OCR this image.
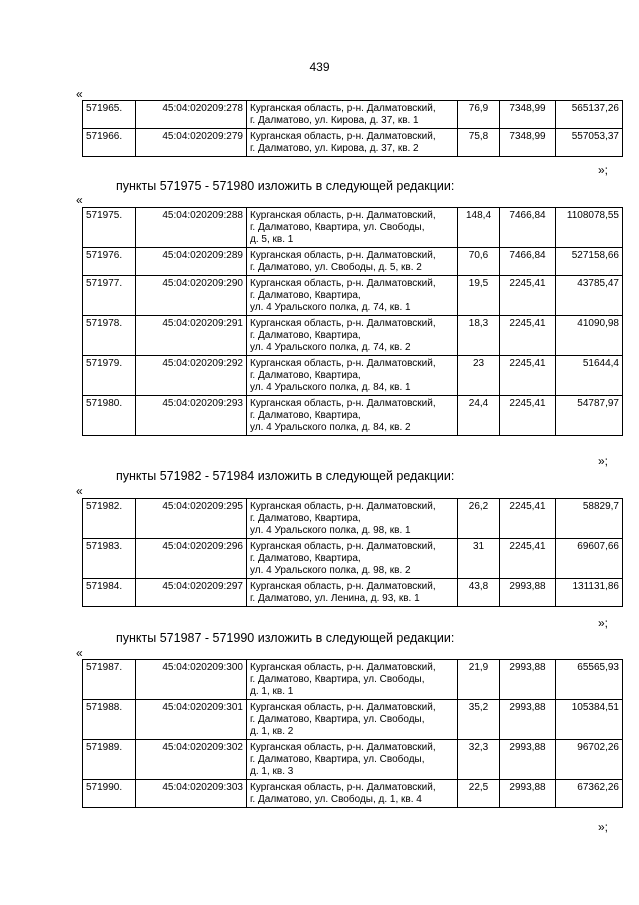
439
«
571965.	45:04:020209:278	Курганская область, р-н. Далматовский,
г. Далматово, ул. Кирова, д. 37, кв. 1	76,9	7348,99	565137,26
571966.	45:04:020209:279	Курганская область, р-н. Далматовский,
г. Далматово, ул. Кирова, д. 37, кв. 2	75,8	7348,99	557053,37
»;
пункты 571975 - 571980 изложить в следующей редакции:
«
571975.	45:04:020209:288	Курганская область, р-н. Далматовский,
г. Далматово, Квартира, ул. Свободы,
д. 5, кв. 1	148,4	7466,84	1108078,55
571976.	45:04:020209:289	Курганская область, р-н. Далматовский,
г. Далматово, ул. Свободы, д. 5, кв. 2	70,6	7466,84	527158,66
571977.	45:04:020209:290	Курганская область, р-н. Далматовский,
г. Далматово, Квартира,
ул. 4 Уральского полка, д. 74, кв. 1	19,5	2245,41	43785,47
571978.	45:04:020209:291	Курганская область, р-н. Далматовский,
г. Далматово, Квартира,
ул. 4 Уральского полка, д. 74, кв. 2	18,3	2245,41	41090,98
571979.	45:04:020209:292	Курганская область, р-н. Далматовский,
г. Далматово, Квартира,
ул. 4 Уральского полка, д. 84, кв. 1	23	2245,41	51644,4
571980.	45:04:020209:293	Курганская область, р-н. Далматовский,
г. Далматово, Квартира,
ул. 4 Уральского полка, д. 84, кв. 2	24,4	2245,41	54787,97
»;
пункты 571982 - 571984 изложить в следующей редакции:
«
571982.	45:04:020209:295	Курганская область, р-н. Далматовский,
г. Далматово, Квартира,
ул. 4 Уральского полка, д. 98, кв. 1	26,2	2245,41	58829,7
571983.	45:04:020209:296	Курганская область, р-н. Далматовский,
г. Далматово, Квартира,
ул. 4 Уральского полка, д. 98, кв. 2	31	2245,41	69607,66
571984.	45:04:020209:297	Курганская область, р-н. Далматовский,
г. Далматово, ул. Ленина, д. 93, кв. 1	43,8	2993,88	131131,86
»;
пункты 571987 - 571990 изложить в следующей редакции:
«
571987.	45:04:020209:300	Курганская область, р-н. Далматовский,
г. Далматово, Квартира, ул. Свободы,
д. 1, кв. 1	21,9	2993,88	65565,93
571988.	45:04:020209:301	Курганская область, р-н. Далматовский,
г. Далматово, Квартира, ул. Свободы,
д. 1, кв. 2	35,2	2993,88	105384,51
571989.	45:04:020209:302	Курганская область, р-н. Далматовский,
г. Далматово, Квартира, ул. Свободы,
д. 1, кв. 3	32,3	2993,88	96702,26
571990.	45:04:020209:303	Курганская область, р-н. Далматовский,
г. Далматово, ул. Свободы, д. 1, кв. 4	22,5	2993,88	67362,26
»;
